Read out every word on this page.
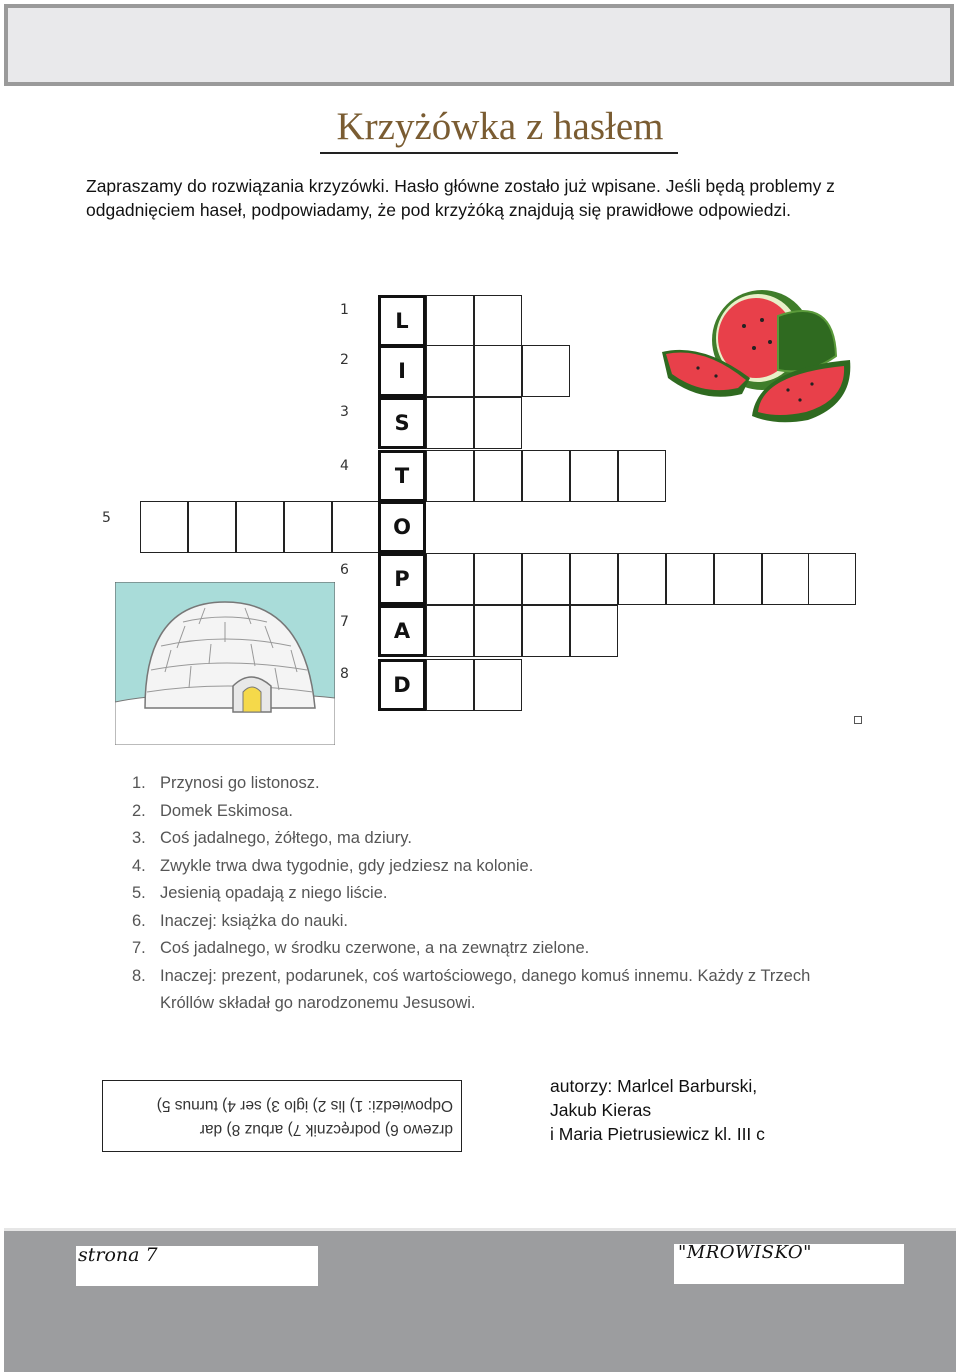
Krzyżówka z hasłem
Zapraszamy do rozwiązania krzyzówki. Hasło główne zostało już wpisane. Jeśli będą problemy z odgadnięciem haseł, podpowiadamy, że pod krzyżóką znajdują się prawidłowe odpowiedzi.
1
2
3
4
5
6
7
8
L
I
S
T
O
P
A
D
1. Przynosi go listonosz.
2. Domek Eskimosa.
3. Coś jadalnego, żółtego, ma dziury.
4. Zwykle trwa dwa tygodnie, gdy jedziesz na kolonie.
5. Jesienią opadają z niego liście.
6. Inaczej: książka do nauki.
7. Coś jadalnego, w środku czerwone, a na zewnątrz zielone.
8. Inaczej: prezent, podarunek, coś wartościowego, danego komuś innemu. Każdy z Trzech Króllów składał go narodzonemu Jesusowi.
drzewo 6) podręcznik 7) arbuz 8) dar
Odpowiedzi: 1) lis 2) iglo 3) ser 4) turnus 5)
autorzy: Marlcel Barburski,
Jakub Kieras
i Maria Pietrusiewicz kl. III c
strona 7	"MROWISKO"
